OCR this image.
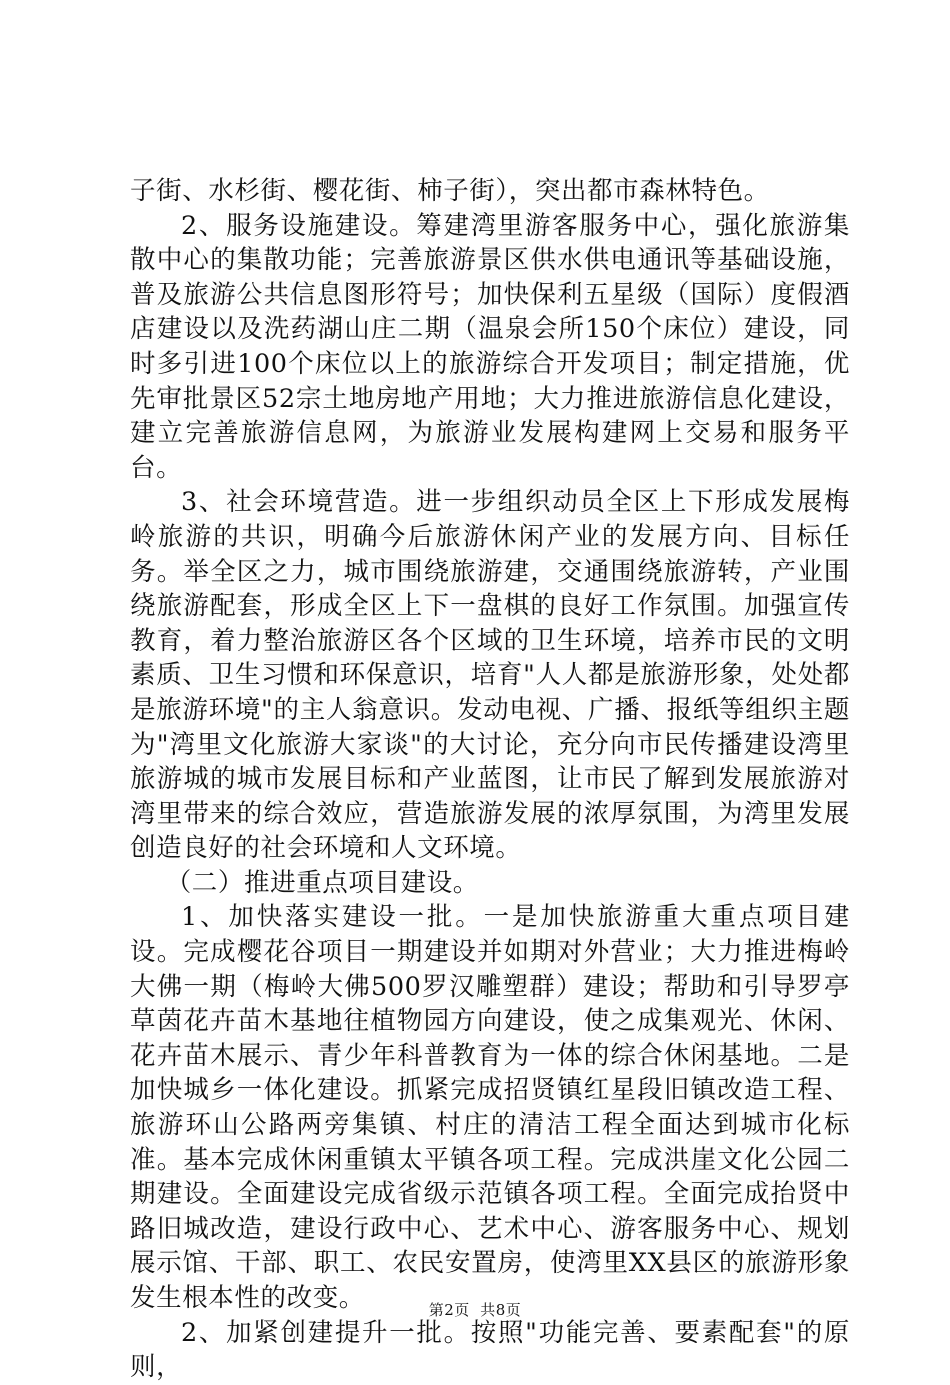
子街、水杉街、樱花街、柿子街），突出都市森林特色。

2、服务设施建设。筹建湾里游客服务中心，强化旅游集散中心的集散功能；完善旅游景区供水供电通讯等基础设施，普及旅游公共信息图形符号；加快保利五星级（国际）度假酒店建设以及洗药湖山庄二期（温泉会所150个床位）建设，同时多引进100个床位以上的旅游综合开发项目；制定措施，优先审批景区52宗土地房地产用地；大力推进旅游信息化建设，建立完善旅游信息网，为旅游业发展构建网上交易和服务平台。

3、社会环境营造。进一步组织动员全区上下形成发展梅岭旅游的共识，明确今后旅游休闲产业的发展方向、目标任务。举全区之力，城市围绕旅游建，交通围绕旅游转，产业围绕旅游配套，形成全区上下一盘棋的良好工作氛围。加强宣传教育，着力整治旅游区各个区域的卫生环境，培养市民的文明素质、卫生习惯和环保意识，培育"人人都是旅游形象，处处都是旅游环境"的主人翁意识。发动电视、广播、报纸等组织主题为"湾里文化旅游大家谈"的大讨论，充分向市民传播建设湾里旅游城的城市发展目标和产业蓝图，让市民了解到发展旅游对湾里带来的综合效应，营造旅游发展的浓厚氛围，为湾里发展创造良好的社会环境和人文环境。

（二）推进重点项目建设。

1、加快落实建设一批。一是加快旅游重大重点项目建设。完成樱花谷项目一期建设并如期对外营业；大力推进梅岭大佛一期（梅岭大佛500罗汉雕塑群）建设；帮助和引导罗亭草茵花卉苗木基地往植物园方向建设，使之成集观光、休闲、花卉苗木展示、青少年科普教育为一体的综合休闲基地。二是加快城乡一体化建设。抓紧完成招贤镇红星段旧镇改造工程、旅游环山公路两旁集镇、村庄的清洁工程全面达到城市化标准。基本完成休闲重镇太平镇各项工程。完成洪崖文化公园二期建设。全面建设完成省级示范镇各项工程。全面完成抬贤中路旧城改造，建设行政中心、艺术中心、游客服务中心、规划展示馆、干部、职工、农民安置房，使湾里XX县区的旅游形象发生根本性的改变。

2、加紧创建提升一批。按照"功能完善、要素配套"的原则，

第2页  共8页
